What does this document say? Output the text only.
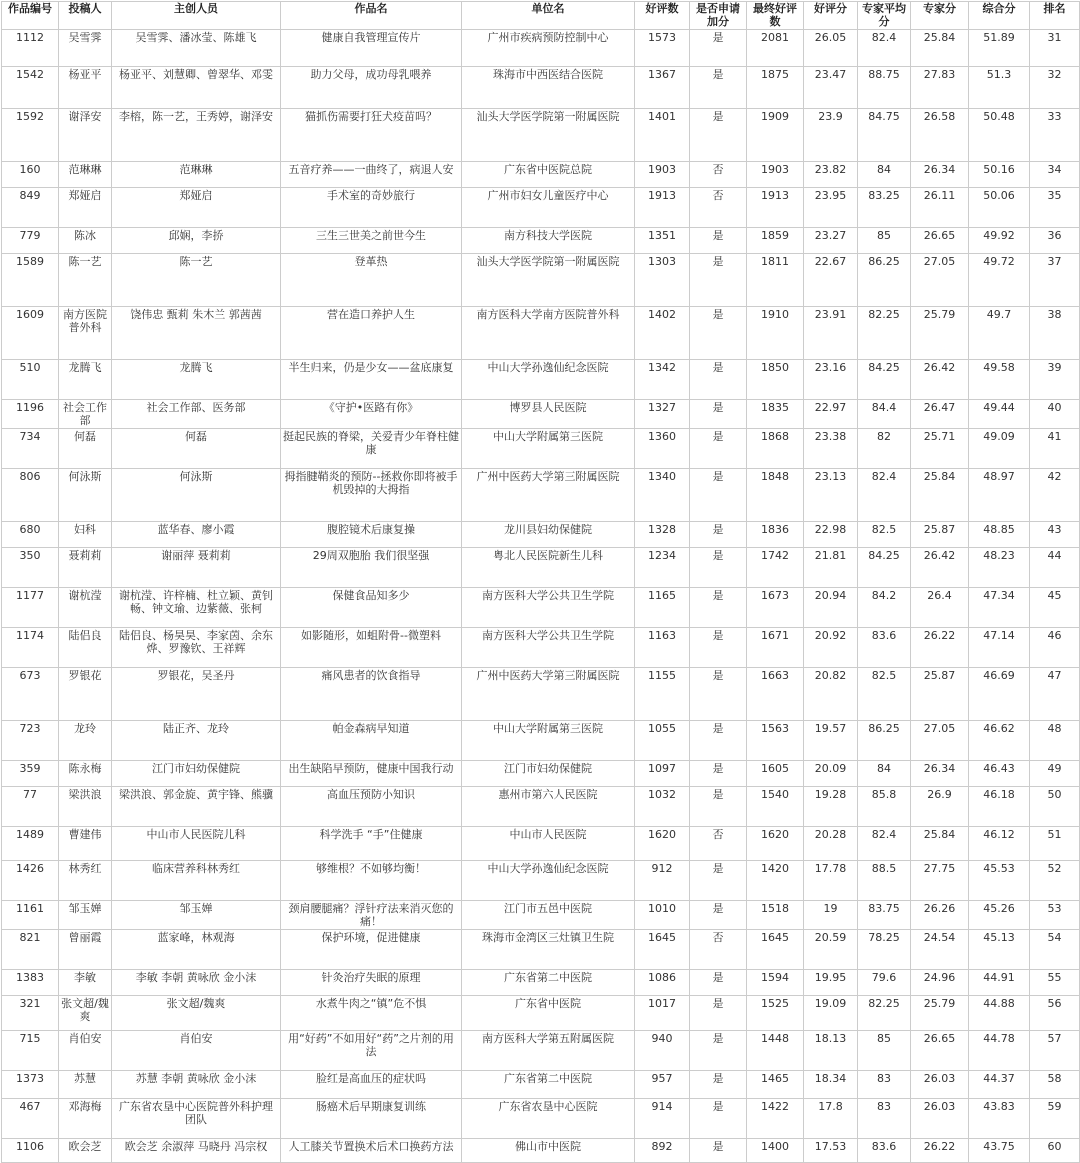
作品编号	投稿人	主创人员	作品名	单位名	好评数	是否申请加分	最终好评数	好评分	专家平均分	专家分	综合分	排名
1112	吴雪霁	吴雪霁、潘冰莹、陈雄飞	健康自我管理宣传片	广州市疾病预防控制中心	1573	是	2081	26.05	82.4	25.84	51.89	31
1542	杨亚平	杨亚平、刘慧卿、曾翠华、邓雯	助力父母，成功母乳喂养	珠海市中西医结合医院	1367	是	1875	23.47	88.75	27.83	51.3	32
1592	谢泽安	李榕，陈一艺，王秀婷，谢泽安	猫抓伤需要打狂犬疫苗吗？	汕头大学医学院第一附属医院	1401	是	1909	23.9	84.75	26.58	50.48	33
160	范琳琳	范琳琳	五音疗养——一曲终了，病退人安	广东省中医院总院	1903	否	1903	23.82	84	26.34	50.16	34
849	郑娅启	郑娅启	手术室的奇妙旅行	广州市妇女儿童医疗中心	1913	否	1913	23.95	83.25	26.11	50.06	35
779	陈冰	邱娴，李挢	三生三世美之前世今生	南方科技大学医院	1351	是	1859	23.27	85	26.65	49.92	36
1589	陈一艺	陈一艺	登革热	汕头大学医学院第一附属医院	1303	是	1811	22.67	86.25	27.05	49.72	37
1609	南方医院普外科	饶伟忠 甄莉 朱木兰 郭茜茜	营在造口养护人生	南方医科大学南方医院普外科	1402	是	1910	23.91	82.25	25.79	49.7	38
510	龙腾飞	龙腾飞	半生归来，仍是少女——盆底康复	中山大学孙逸仙纪念医院	1342	是	1850	23.16	84.25	26.42	49.58	39
1196	社会工作部	社会工作部、医务部	《守护•医路有你》	博罗县人民医院	1327	是	1835	22.97	84.4	26.47	49.44	40
734	何磊	何磊	挺起民族的脊梁，关爱青少年脊柱健康	中山大学附属第三医院	1360	是	1868	23.38	82	25.71	49.09	41
806	何泳斯	何泳斯	拇指腱鞘炎的预防--拯救你即将被手机毁掉的大拇指	广州中医药大学第三附属医院	1340	是	1848	23.13	82.4	25.84	48.97	42
680	妇科	蓝华春、廖小霞	腹腔镜术后康复操	龙川县妇幼保健院	1328	是	1836	22.98	82.5	25.87	48.85	43
350	聂莉莉	谢丽萍 聂莉莉	29周双胞胎 我们很坚强	粤北人民医院新生儿科	1234	是	1742	21.81	84.25	26.42	48.23	44
1177	谢杭滢	谢杭滢、许梓楠、杜立颖、黄钊畅、钟文瑜、边紫薇、张柯	保健食品知多少	南方医科大学公共卫生学院	1165	是	1673	20.94	84.2	26.4	47.34	45
1174	陆侣良	陆侣良、杨昊昊、李家茵、余东烨、罗豫钦、王祥辉	如影随形，如蛆附骨--微塑料	南方医科大学公共卫生学院	1163	是	1671	20.92	83.6	26.22	47.14	46
673	罗银花	罗银花，吴圣丹	痛风患者的饮食指导	广州中医药大学第三附属医院	1155	是	1663	20.82	82.5	25.87	46.69	47
723	龙玲	陆正齐、龙玲	帕金森病早知道	中山大学附属第三医院	1055	是	1563	19.57	86.25	27.05	46.62	48
359	陈永梅	江门市妇幼保健院	出生缺陷早预防，健康中国我行动	江门市妇幼保健院	1097	是	1605	20.09	84	26.34	46.43	49
77	梁洪浪	梁洪浪、郭金旋、黄宇锋、熊骥	高血压预防小知识	惠州市第六人民医院	1032	是	1540	19.28	85.8	26.9	46.18	50
1489	曹建伟	中山市人民医院儿科	科学洗手 “手”住健康	中山市人民医院	1620	否	1620	20.28	82.4	25.84	46.12	51
1426	林秀红	临床营养科林秀红	够维根？不如够均衡！	中山大学孙逸仙纪念医院	912	是	1420	17.78	88.5	27.75	45.53	52
1161	邹玉婵	邹玉婵	颈肩腰腿痛？浮针疗法来消灭您的痛！	江门市五邑中医院	1010	是	1518	19	83.75	26.26	45.26	53
821	曾丽霞	蓝家峰，林观海	保护环境，促进健康	珠海市金湾区三灶镇卫生院	1645	否	1645	20.59	78.25	24.54	45.13	54
1383	李敏	李敏 李朝 黄咏欣 金小沫	针灸治疗失眠的原理	广东省第二中医院	1086	是	1594	19.95	79.6	24.96	44.91	55
321	张文超/魏爽	张文超/魏爽	水煮牛肉之“镇”危不惧	广东省中医院	1017	是	1525	19.09	82.25	25.79	44.88	56
715	肖伯安	肖伯安	用“好药”不如用好“药”之片剂的用法	南方医科大学第五附属医院	940	是	1448	18.13	85	26.65	44.78	57
1373	苏慧	苏慧 李朝 黄咏欣 金小沫	脸红是高血压的症状吗	广东省第二中医院	957	是	1465	18.34	83	26.03	44.37	58
467	邓海梅	广东省农垦中心医院普外科护理团队	肠癌术后早期康复训练	广东省农垦中心医院	914	是	1422	17.8	83	26.03	43.83	59
1106	欧会芝	欧会芝 余淑萍 马晓丹 冯宗权	人工膝关节置换术后术口换药方法	佛山市中医院	892	是	1400	17.53	83.6	26.22	43.75	60
